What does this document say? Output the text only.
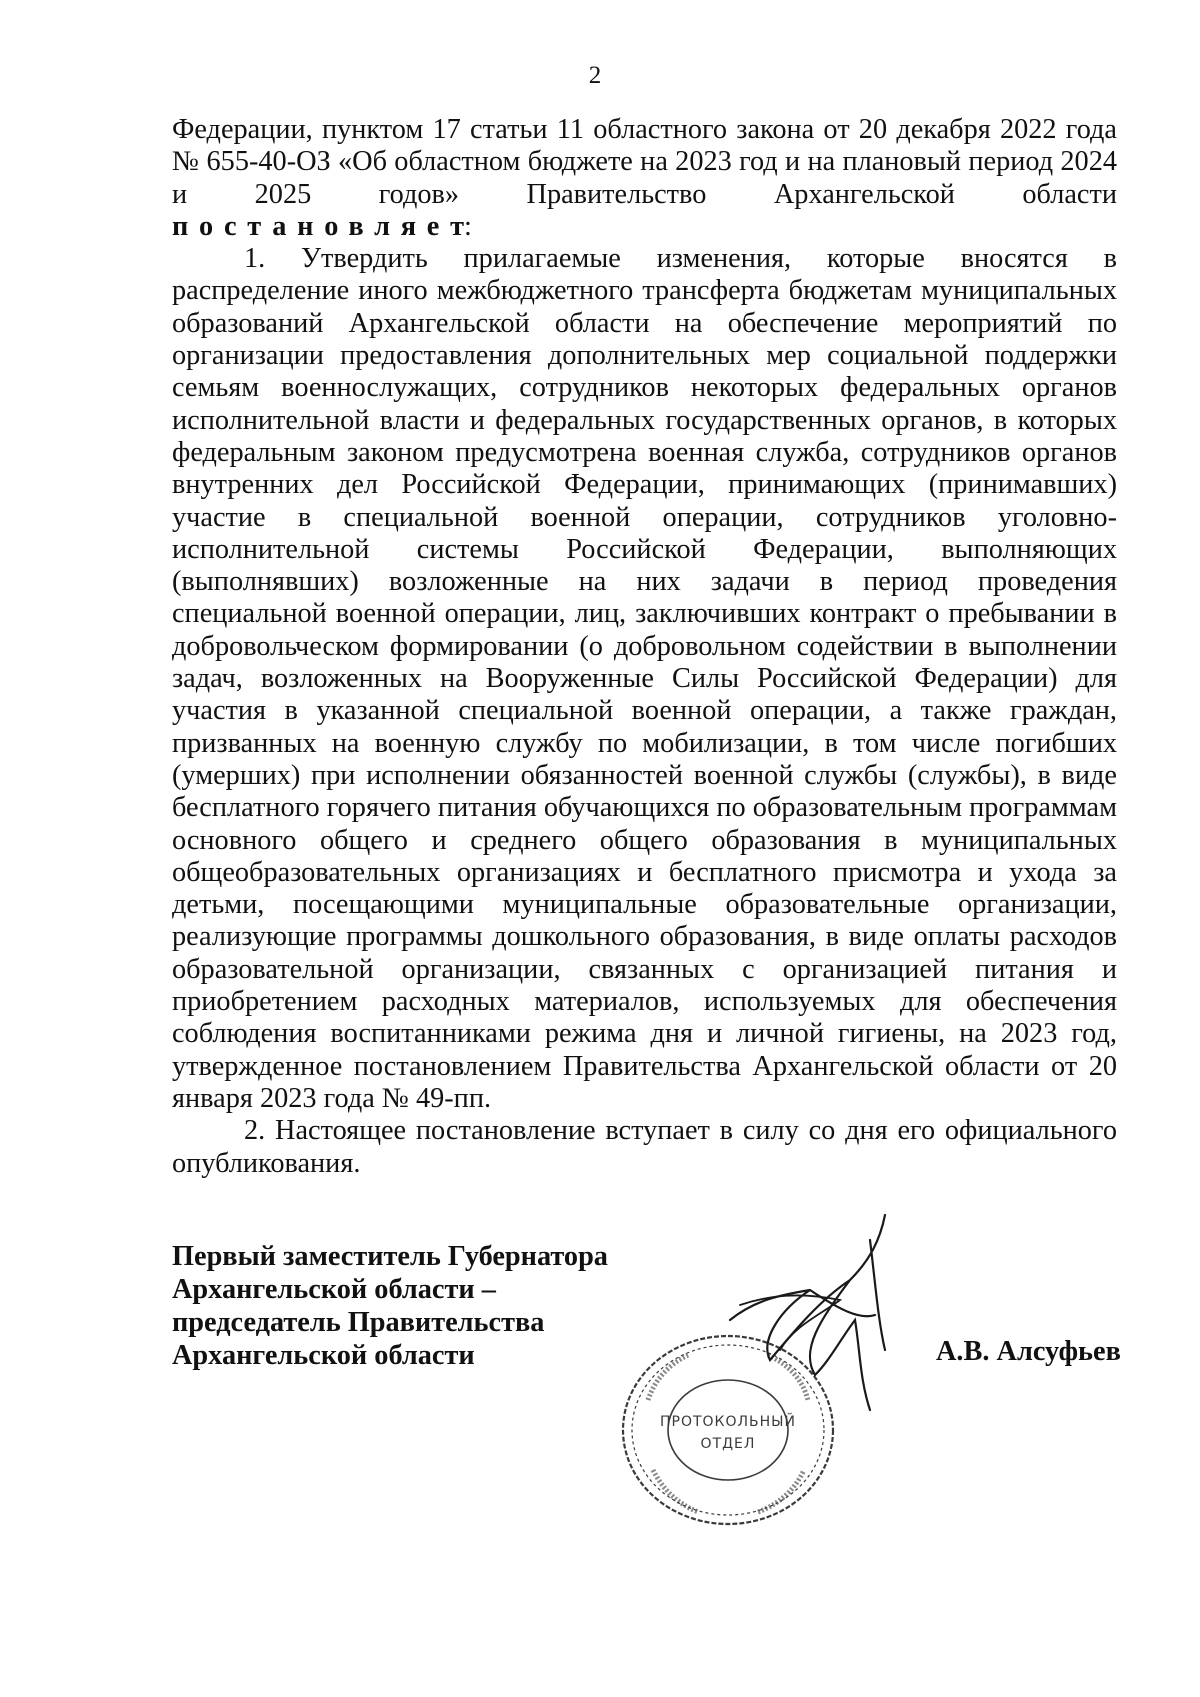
2

Федерации, пунктом 17 статьи 11 областного закона от 20 декабря 2022 года № 655-40-ОЗ «Об областном бюджете на 2023 год и на плановый период 2024 и 2025 годов» Правительство Архангельской области постановляет:

1. Утвердить прилагаемые изменения, которые вносятся в распределение иного межбюджетного трансферта бюджетам муниципальных образований Архангельской области на обеспечение мероприятий по организации предоставления дополнительных мер социальной поддержки семьям военнослужащих, сотрудников некоторых федеральных органов исполнительной власти и федеральных государственных органов, в которых федеральным законом предусмотрена военная служба, сотрудников органов внутренних дел Российской Федерации, принимающих (принимавших) участие в специальной военной операции, сотрудников уголовно-исполнительной системы Российской Федерации, выполняющих (выполнявших) возложенные на них задачи в период проведения специальной военной операции, лиц, заключивших контракт о пребывании в добровольческом формировании (о добровольном содействии в выполнении задач, возложенных на Вооруженные Силы Российской Федерации) для участия в указанной специальной военной операции, а также граждан, призванных на военную службу по мобилизации, в том числе погибших (умерших) при исполнении обязанностей военной службы (службы), в виде бесплатного горячего питания обучающихся по образовательным программам основного общего и среднего общего образования в муниципальных общеобразовательных организациях и бесплатного присмотра и ухода за детьми, посещающими муниципальные образовательные организации, реализующие программы дошкольного образования, в виде оплаты расходов образовательной организации, связанных с организацией питания и приобретением расходных материалов, используемых для обеспечения соблюдения воспитанниками режима дня и личной гигиены, на 2023 год, утвержденное постановлением Правительства Архангельской области от 20 января 2023 года № 49-пп.

2. Настоящее постановление вступает в силу со дня его официального опубликования.

Первый заместитель Губернатора
Архангельской области –
председатель Правительства
Архангельской области	А.В. Алсуфьев
ПРОТОКОЛЬНЫЙ
ОТДЕЛ
